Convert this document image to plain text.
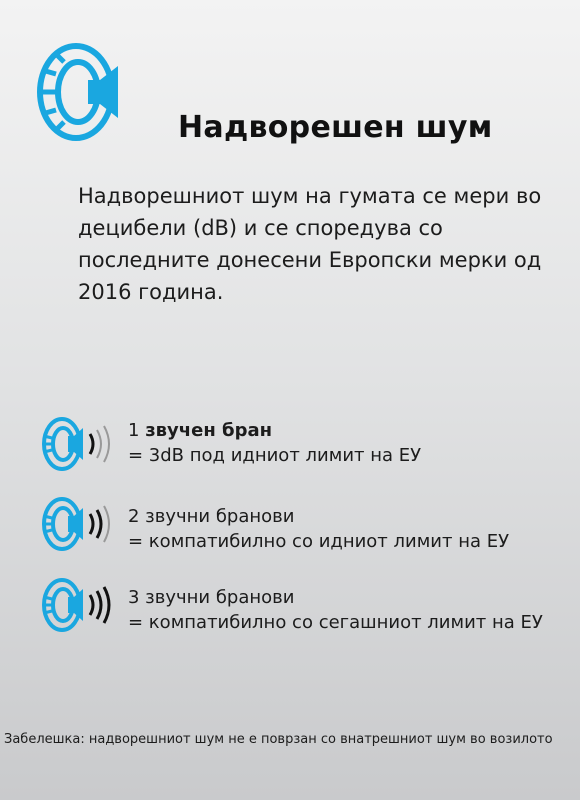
Надворешен шум
Надворешниот шум на гумата се мери во децибели (dB) и се споредува со последните донесени Европски мерки од 2016 година.
1 звучен бран
= 3dB под идниот лимит на ЕУ
2 звучни бранови
= компатибилно со идниот лимит на ЕУ
3 звучни бранови
= компатибилно со сегашниот лимит на ЕУ
Забелешка: надворешниот шум не е поврзан со внатрешниот шум во возилото
